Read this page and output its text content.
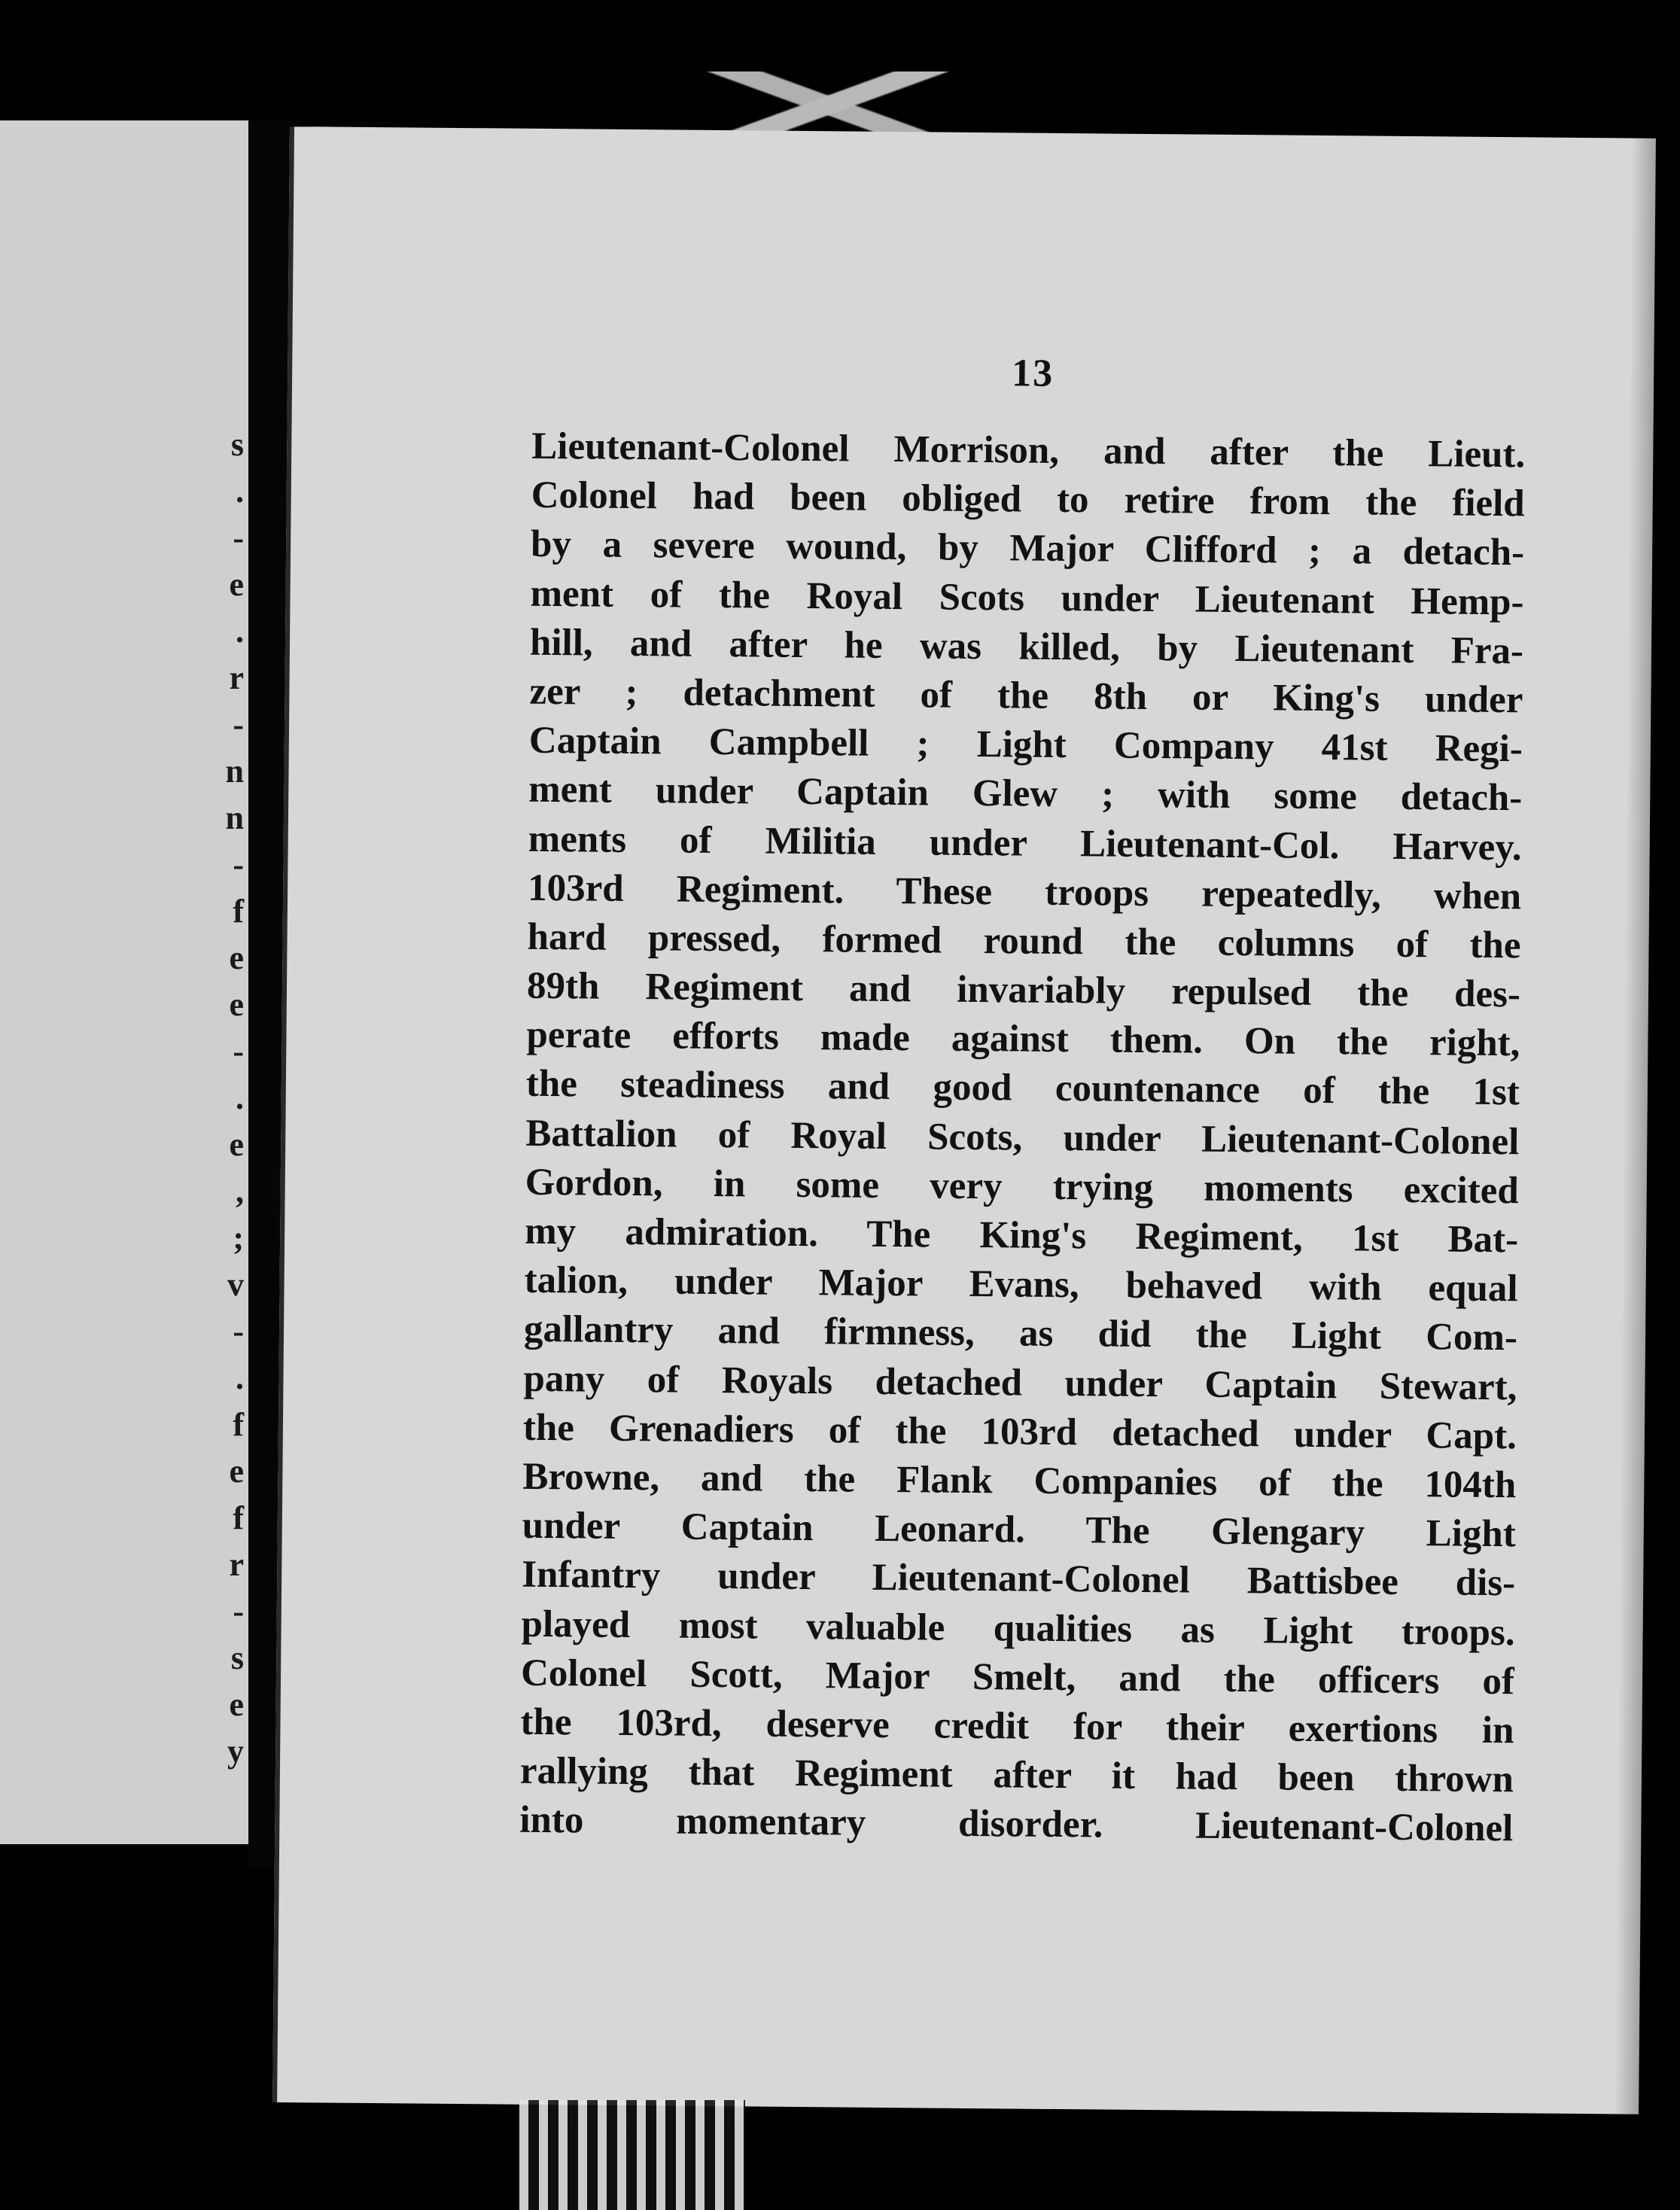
s
.
-
e
.
r
-
n
n
-
f
e
e
-
.
e
,
;
v
-
.
f
e
f
r
-
s
e
y
13
Lieutenant-Colonel Morrison, and after the Lieut.
Colonel had been obliged to retire from the field
by a severe wound, by Major Clifford ; a detach-
ment of the Royal Scots under Lieutenant Hemp-
hill, and after he was killed, by Lieutenant Fra-
zer ; detachment of the 8th or King's under
Captain Campbell ; Light Company 41st Regi-
ment under Captain Glew ; with some detach-
ments of Militia under Lieutenant-Col. Harvey.
103rd Regiment. These troops repeatedly, when
hard pressed, formed round the columns of the
89th Regiment and invariably repulsed the des-
perate efforts made against them. On the right,
the steadiness and good countenance of the 1st
Battalion of Royal Scots, under Lieutenant-Colonel
Gordon, in some very trying moments excited
my admiration. The King's Regiment, 1st Bat-
talion, under Major Evans, behaved with equal
gallantry and firmness, as did the Light Com-
pany of Royals detached under Captain Stewart,
the Grenadiers of the 103rd detached under Capt.
Browne, and the Flank Companies of the 104th
under Captain Leonard. The Glengary Light
Infantry under Lieutenant-Colonel Battisbee dis-
played most valuable qualities as Light troops.
Colonel Scott, Major Smelt, and the officers of
the 103rd, deserve credit for their exertions in
rallying that Regiment after it had been thrown
into momentary disorder. Lieutenant-Colonel
